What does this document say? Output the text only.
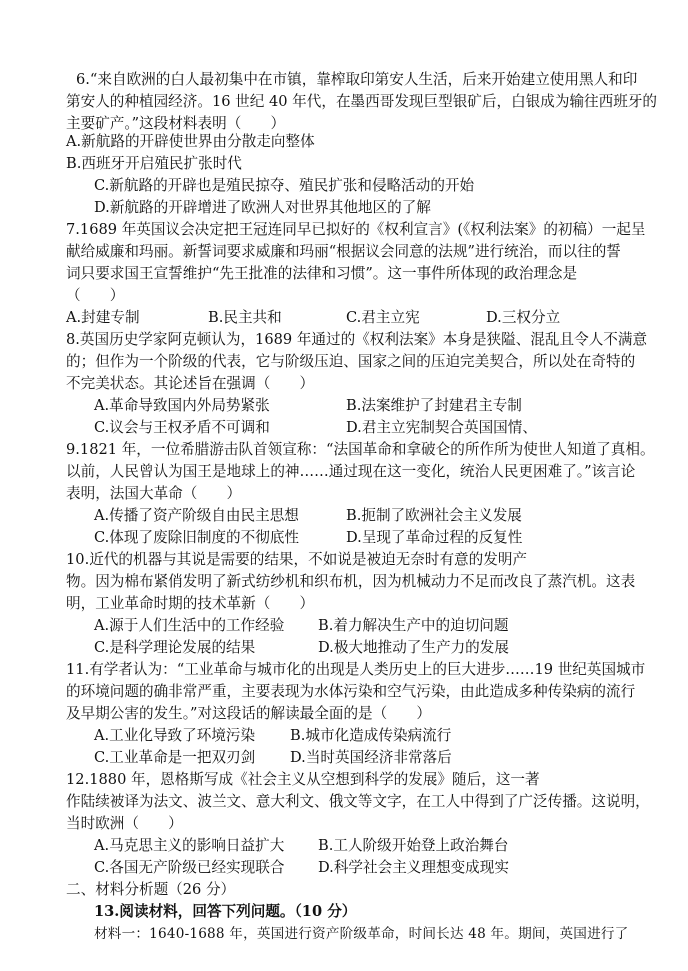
6.“来自欧洲的白人最初集中在市镇，靠榨取印第安人生活，后来开始建立使用黑人和印
第安人的种植园经济。16 世纪 40 年代，在墨西哥发现巨型银矿后，白银成为输往西班牙的
主要矿产。”这段材料表明（　　）
A.新航路的开辟使世界由分散走向整体
B.西班牙开启殖民扩张时代
C.新航路的开辟也是殖民掠夺、殖民扩张和侵略活动的开始
D.新航路的开辟增进了欧洲人对世界其他地区的了解
7.1689 年英国议会决定把王冠连同早已拟好的《权利宣言》(《权利法案》的初稿）一起呈
献给威廉和玛丽。新誓词要求威廉和玛丽“根据议会同意的法规”进行统治，而以往的誓
词只要求国王宣誓维护“先王批准的法律和习惯”。这一事件所体现的政治理念是
（　　）
A.封建专制	B.民主共和	C.君主立宪	D.三权分立
8.英国历史学家阿克顿认为，1689 年通过的《权利法案》本身是狭隘、混乱且令人不满意
的；但作为一个阶级的代表，它与阶级压迫、国家之间的压迫完美契合，所以处在奇特的
不完美状态。其论述旨在强调（　　）
A.革命导致国内外局势紧张	B.法案维护了封建君主专制
C.议会与王权矛盾不可调和	D.君主立宪制契合英国国情、
9.1821 年，一位希腊游击队首领宣称：“法国革命和拿破仑的所作所为使世人知道了真相。
以前，人民曾认为国王是地球上的神……通过现在这一变化，统治人民更困难了。”该言论
表明，法国大革命（　　）
A.传播了资产阶级自由民主思想	B.扼制了欧洲社会主义发展
C.体现了废除旧制度的不彻底性	D.呈现了革命过程的反复性
10.近代的机器与其说是需要的结果，不如说是被迫无奈时有意的发明产
物。因为棉布紧俏发明了新式纺纱机和织布机，因为机械动力不足而改良了蒸汽机。这表
明，工业革命时期的技术革新（　　）
A.源于人们生活中的工作经验 B.着力解决生产中的迫切问题
C.是科学理论发展的结果	D.极大地推动了生产力的发展
11.有学者认为：“工业革命与城市化的出现是人类历史上的巨大进步……19 世纪英国城市
的环境问题的确非常严重，主要表现为水体污染和空气污染，由此造成多种传染病的流行
及早期公害的发生。”对这段话的解读最全面的是（　　）
A.工业化导致了环境污染 B.城市化造成传染病流行
C.工业革命是一把双刃剑 D.当时英国经济非常落后
12.1880 年，恩格斯写成《社会主义从空想到科学的发展》随后，这一著
作陆续被译为法文、波兰文、意大利文、俄文等文字，在工人中得到了广泛传播。这说明，
当时欧洲（　　）
A.马克思主义的影响日益扩大 B.工人阶级开始登上政治舞台
C.各国无产阶级已经实现联合 D.科学社会主义理想变成现实
二、材料分析题（26 分）
13.阅读材料，回答下列问题。（10 分）
材料一：1640-1688 年，英国进行资产阶级革命，时间长达 48 年。期间，英国进行了
